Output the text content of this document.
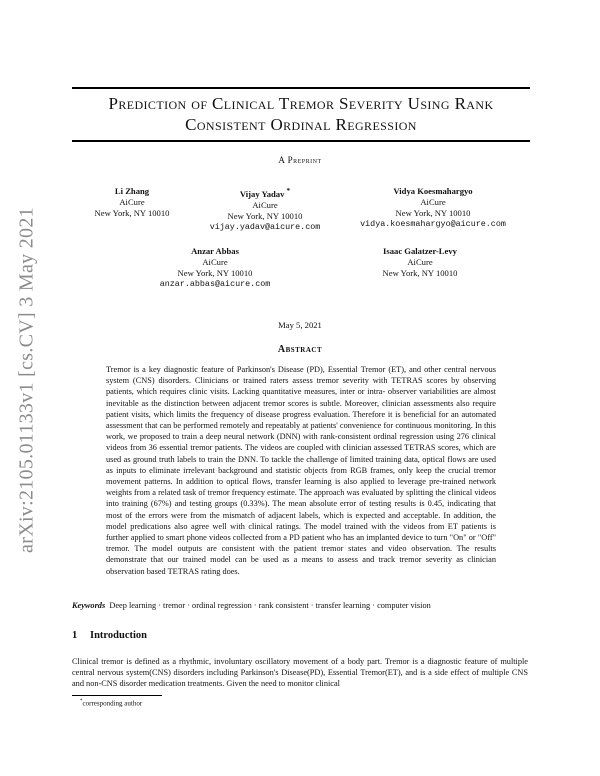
arXiv:2105.01133v1 [cs.CV] 3 May 2021
Prediction of Clinical Tremor Severity Using Rank
Consistent Ordinal Regression
A Preprint
Li Zhang
AiCure
New York, NY 10010
Vijay Yadav *
AiCure
New York, NY 10010
vijay.yadav@aicure.com
Vidya Koesmahargyo
AiCure
New York, NY 10010
vidya.koesmahargyo@aicure.com
Anzar Abbas
AiCure
New York, NY 10010
anzar.abbas@aicure.com
Isaac Galatzer-Levy
AiCure
New York, NY 10010
May 5, 2021
Abstract
Tremor is a key diagnostic feature of Parkinson's Disease (PD), Essential Tremor (ET), and other central nervous system (CNS) disorders. Clinicians or trained raters assess tremor severity with TETRAS scores by observing patients, which requires clinic visits. Lacking quantitative measures, inter or intra- observer variabilities are almost inevitable as the distinction between adjacent tremor scores is subtle. Moreover, clinician assessments also require patient visits, which limits the frequency of disease progress evaluation. Therefore it is beneficial for an automated assessment that can be performed remotely and repeatably at patients' convenience for continuous monitoring. In this work, we proposed to train a deep neural network (DNN) with rank-consistent ordinal regression using 276 clinical videos from 36 essential tremor patients. The videos are coupled with clinician assessed TETRAS scores, which are used as ground truth labels to train the DNN. To tackle the challenge of limited training data, optical flows are used as inputs to eliminate irrelevant background and statistic objects from RGB frames, only keep the crucial tremor movement patterns. In addition to optical flows, transfer learning is also applied to leverage pre-trained network weights from a related task of tremor frequency estimate. The approach was evaluated by splitting the clinical videos into training (67%) and testing groups (0.33%). The mean absolute error of testing results is 0.45, indicating that most of the errors were from the mismatch of adjacent labels, which is expected and acceptable. In addition, the model predications also agree well with clinical ratings. The model trained with the videos from ET patients is further applied to smart phone videos collected from a PD patient who has an implanted device to turn "On" or "Off" tremor. The model outputs are consistent with the patient tremor states and video observation. The results demonstrate that our trained model can be used as a means to assess and track tremor severity as clinician observation based TETRAS rating does.
Keywords Deep learning · tremor · ordinal regression · rank consistent · transfer learning · computer vision
1 Introduction
Clinical tremor is defined as a rhythmic, involuntary oscillatory movement of a body part. Tremor is a diagnostic feature of multiple central nervous system(CNS) disorders including Parkinson's Disease(PD), Essential Tremor(ET), and is a side effect of multiple CNS and non-CNS disorder medication treatments. Given the need to monitor clinical
*corresponding author
